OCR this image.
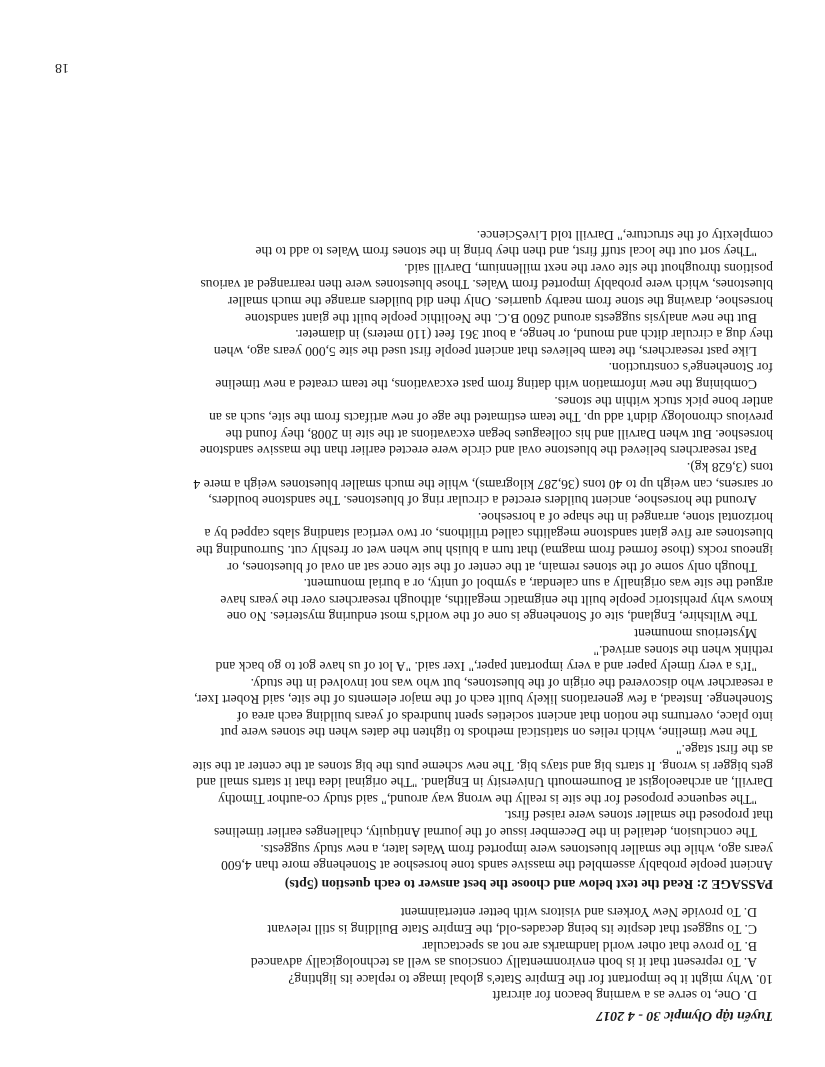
Tuyển tập Olympic 30 - 4 2017
D. One, to serve as a warning beacon for aircraft
10. Why might it be important for the Empire State's global image to replace its lighting?
A. To represent that it is both environmentally conscious as well as technologically advanced
B. To prove that other world landmarks are not as spectacular
C. To suggest that despite its being decades-old, the Empire State Building is still relevant
D. To provide New Yorkers and visitors with better entertainment
PASSAGE 2: Read the text below and choose the best answer to each question (5pts)
Ancient people probably assembled the massive sands tone horseshoe at Stonehenge more than 4,600
years ago, while the smaller bluestones were imported from Wales later, a new study suggests.
The conclusion, detailed in the December issue of the journal Antiquity, challenges earlier timelines
that proposed the smaller stones were raised first.
"The sequence proposed for the site is really the wrong way around," said study co-author Timothy
Darvill, an archaeologist at Bournemouth University in England. "The original idea that it starts small and
gets bigger is wrong. It starts big and stays big. The new scheme puts the big stones at the center at the site
as the first stage."
The new timeline, which relies on statistical methods to tighten the dates when the stones were put
into place, overturns the notion that ancient societies spent hundreds of years building each area of
Stonehenge. Instead, a few generations likely built each of the major elements of the site, said Robert Ixer,
a researcher who discovered the origin of the bluestones, but who was not involved in the study.
"It's a very timely paper and a very important paper," Ixer said. "A lot of us have got to go back and
rethink when the stones arrived."
Mysterious monument
The Wiltshire, England, site of Stonehenge is one of the world's most enduring mysteries. No one
knows why prehistoric people built the enigmatic megaliths, although researchers over the years have
argued the site was originally a sun calendar, a symbol of unity, or a burial monument.
Though only some of the stones remain, at the center of the site once sat an oval of bluestones, or
igneous rocks (those formed from magma) that turn a bluish hue when wet or freshly cut. Surrounding the
bluestones are five giant sandstone megaliths called trilithons, or two vertical standing slabs capped by a
horizontal stone, arranged in the shape of a horseshoe.
Around the horseshoe, ancient builders erected a circular ring of bluestones. The sandstone boulders,
or sarsens, can weigh up to 40 tons (36,287 kilograms), while the much smaller bluestones weigh a mere 4
tons (3,628 kg).
Past researchers believed the bluestone oval and circle were erected earlier than the massive sandstone
horseshoe. But when Darvill and his colleagues began excavations at the site in 2008, they found the
previous chronology didn't add up. The team estimated the age of new artifacts from the site, such as an
antler bone pick stuck within the stones.
Combining the new information with dating from past excavations, the team created a new timeline
for Stonehenge's construction.
Like past researchers, the team believes that ancient people first used the site 5,000 years ago, when
they dug a circular ditch and mound, or henge, a bout 361 feet (110 meters) in diameter.
But the new analysis suggests around 2600 B.C. the Neolithic people built the giant sandstone
horseshoe, drawing the stone from nearby quarries. Only then did builders arrange the much smaller
bluestones, which were probably imported from Wales. Those bluestones were then rearranged at various
positions throughout the site over the next millennium, Darvill said.
"They sort out the local stuff first, and then they bring in the stones from Wales to add to the
complexity of the structure," Darvill told LiveScience.
18
